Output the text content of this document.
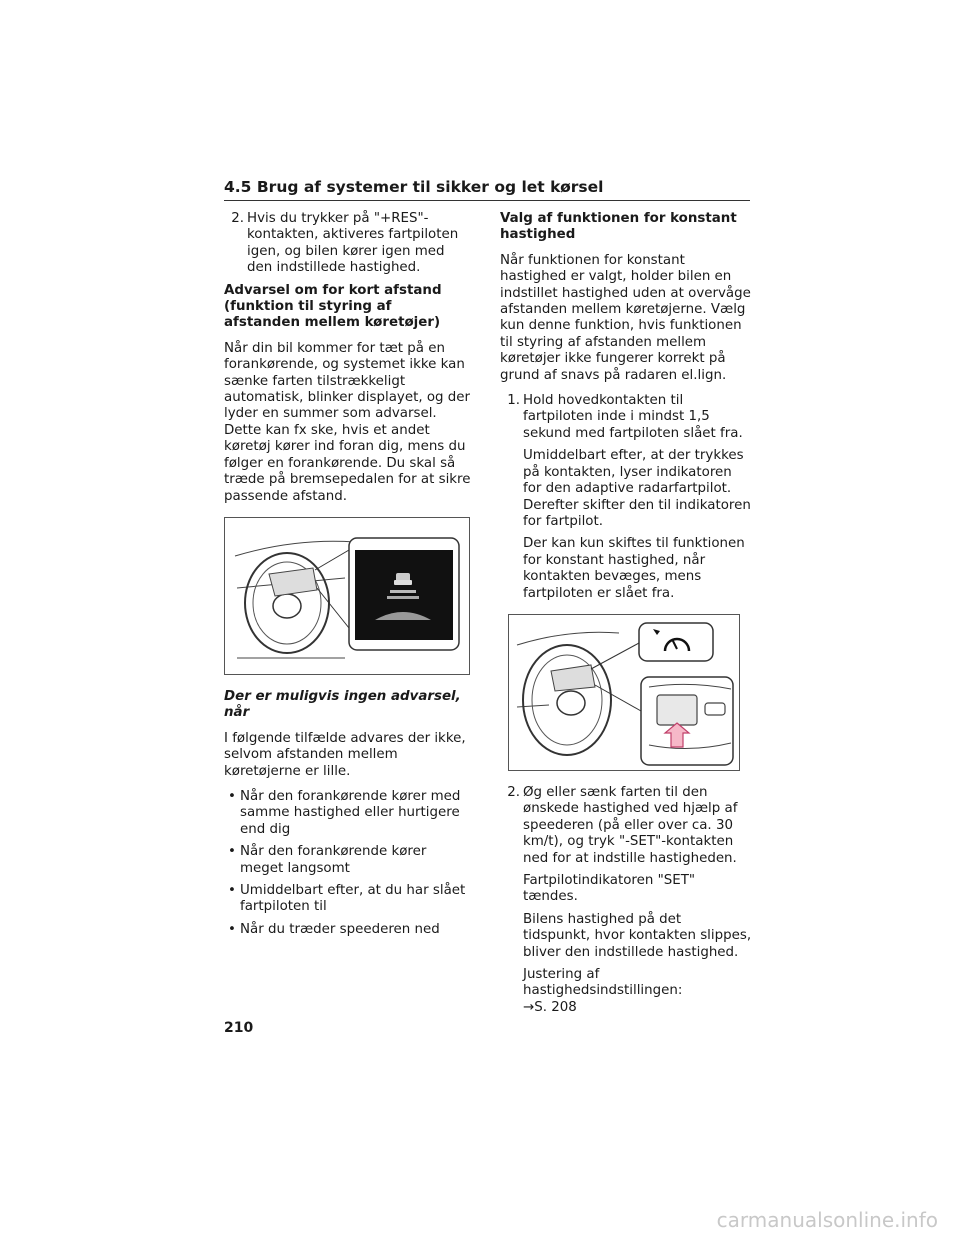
4.5 Brug af systemer til sikker og let kørsel
2. Hvis du trykker på "+RES"-kontakten, aktiveres fartpiloten igen, og bilen kører igen med den indstillede hastighed.
Advarsel om for kort afstand (funktion til styring af afstanden mellem køretøjer)
Når din bil kommer for tæt på en forankørende, og systemet ikke kan sænke farten tilstrækkeligt automatisk, blinker displayet, og der lyder en summer som advarsel. Dette kan fx ske, hvis et andet køretøj kører ind foran dig, mens du følger en forankørende. Du skal så træde på bremsepedalen for at sikre passende afstand.
Der er muligvis ingen advarsel, når
I følgende tilfælde advares der ikke, selvom afstanden mellem køretøjerne er lille.
• Når den forankørende kører med samme hastighed eller hurtigere end dig
• Når den forankørende kører meget langsomt
• Umiddelbart efter, at du har slået fartpiloten til
• Når du træder speederen ned
Valg af funktionen for konstant hastighed
Når funktionen for konstant hastighed er valgt, holder bilen en indstillet hastighed uden at overvåge afstanden mellem køretøjerne. Vælg kun denne funktion, hvis funktionen til styring af afstanden mellem køretøjer ikke fungerer korrekt på grund af snavs på radaren el.lign.
1. Hold hovedkontakten til fartpiloten inde i mindst 1,5 sekund med fartpiloten slået fra.
Umiddelbart efter, at der trykkes på kontakten, lyser indikatoren for den adaptive radarfartpilot. Derefter skifter den til indikatoren for fartpilot.
Der kan kun skiftes til funktionen for konstant hastighed, når kontakten bevæges, mens fartpiloten er slået fra.
2. Øg eller sænk farten til den ønskede hastighed ved hjælp af speederen (på eller over ca. 30 km/t), og tryk "-SET"-kontakten ned for at indstille hastigheden.
Fartpilotindikatoren "SET" tændes.
Bilens hastighed på det tidspunkt, hvor kontakten slippes, bliver den indstillede hastighed.
Justering af hastighedsindstillingen:
→S. 208
210
carmanualsonline.info
